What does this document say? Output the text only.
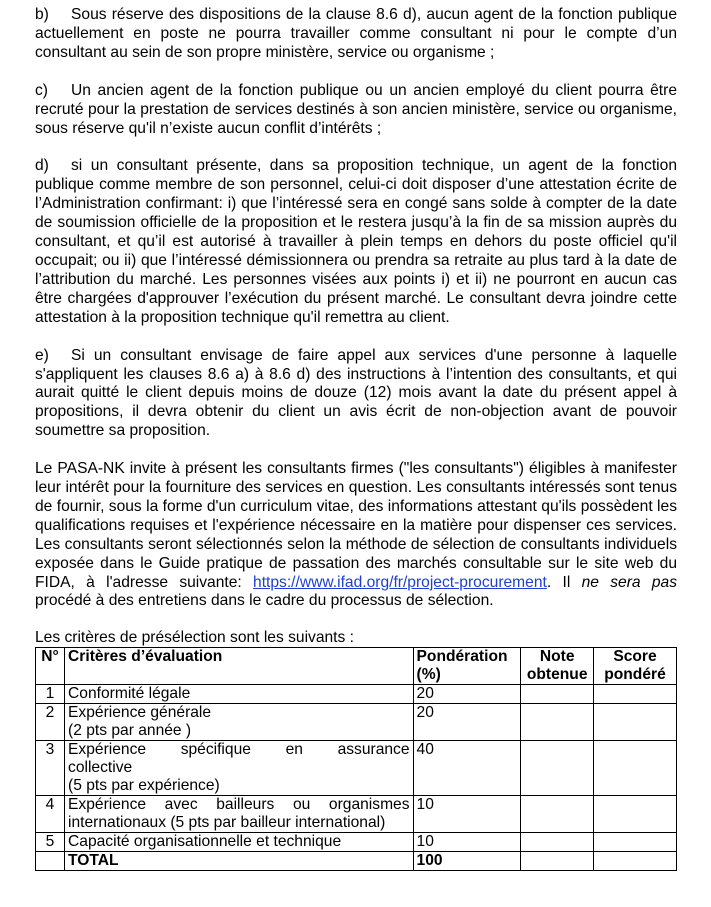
b) Sous réserve des dispositions de la clause 8.6 d), aucun agent de la fonction publique actuellement en poste ne pourra travailler comme consultant ni pour le compte d’un consultant au sein de son propre ministère, service ou organisme ;

c) Un ancien agent de la fonction publique ou un ancien employé du client pourra être recruté pour la prestation de services destinés à son ancien ministère, service ou organisme, sous réserve qu'il n’existe aucun conflit d’intérêts ;

d) si un consultant présente, dans sa proposition technique, un agent de la fonction publique comme membre de son personnel, celui-ci doit disposer d’une attestation écrite de l’Administration confirmant: i) que l’intéressé sera en congé sans solde à compter de la date de soumission officielle de la proposition et le restera jusqu’à la fin de sa mission auprès du consultant, et qu’il est autorisé à travailler à plein temps en dehors du poste officiel qu'il occupait; ou ii) que l’intéressé démissionnera ou prendra sa retraite au plus tard à la date de l’attribution du marché. Les personnes visées aux points i) et ii) ne pourront en aucun cas être chargées d'approuver l’exécution du présent marché. Le consultant devra joindre cette attestation à la proposition technique qu'il remettra au client.

e) Si un consultant envisage de faire appel aux services d'une personne à laquelle s'appliquent les clauses 8.6 a) à 8.6 d) des instructions à l’intention des consultants, et qui aurait quitté le client depuis moins de douze (12) mois avant la date du présent appel à propositions, il devra obtenir du client un avis écrit de non-objection avant de pouvoir soumettre sa proposition.

Le PASA-NK invite à présent les consultants firmes ("les consultants") éligibles à manifester leur intérêt pour la fourniture des services en question. Les consultants intéressés sont tenus de fournir, sous la forme d'un curriculum vitae, des informations attestant qu'ils possèdent les qualifications requises et l'expérience nécessaire en la matière pour dispenser ces services. Les consultants seront sélectionnés selon la méthode de sélection de consultants individuels exposée dans le Guide pratique de passation des marchés consultable sur le site web du FIDA, à l'adresse suivante: https://www.ifad.org/fr/project-procurement. Il ne sera pas procédé à des entretiens dans le cadre du processus de sélection.

Les critères de présélection sont les suivants :

N°	Critères d’évaluation	Pondération (%)	Note obtenue	Score pondéré
1	Conformité légale	20		
2	Expérience générale
(2 pts par année )	20		
3	Expérience spécifique en assurance
collective
(5 pts par expérience)	40		
4	Expérience avec bailleurs ou organismes
internationaux (5 pts par bailleur international)	10		
5	Capacité organisationnelle et technique	10		
	TOTAL	100		
